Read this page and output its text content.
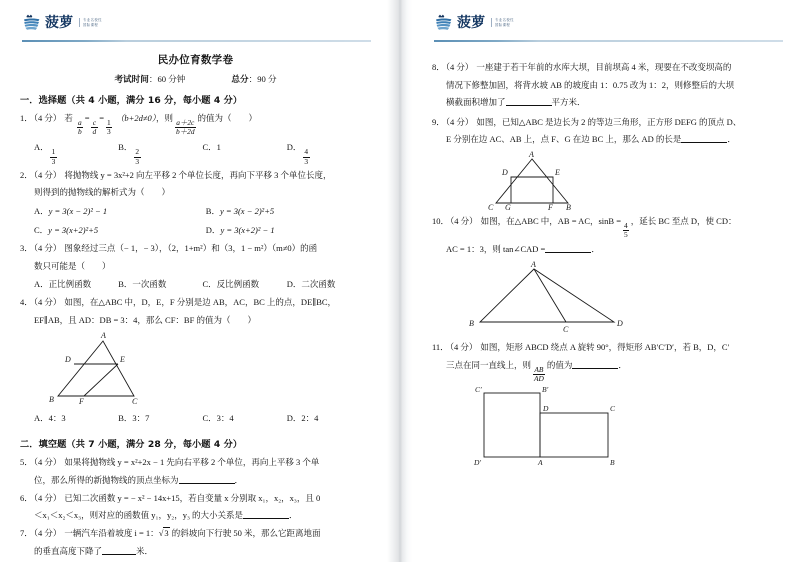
菠萝	专业名校性
国际课程
民办位育数学卷
考试时间：60 分钟	总分：90 分
一．选择题（共 4 小题，满分 16 分，每小题 4 分）
1．（4 分） 若
$\frac{a}{b}$
=
$\frac{c}{d}$
=
$\frac{1}{3}$
（b+2d≠0），则
$\frac{a+2c}{b+2d}$
的值为（　　）
A．
$\frac{1}{3}$
B．
$\frac{2}{3}$
C．1	D．
$\frac{4}{3}$
2．（4 分） 将抛物线 y = 3x²+2 向左平移 2 个单位长度，再向下平移 3 个单位长度，
则得到的抛物线的解析式为（　　）
A．y = 3(x − 2)² − 1	B．y = 3(x − 2)²+5
C．y = 3(x+2)²+5	D．y = 3(x+2)² − 1
3．（4 分） 图象经过三点（− 1，− 3），（2，1+m²）和（3，1 − m²）（m≠0）的函
数只可能是（　　）
A．正比例函数	B．一次函数	C．反比例函数	D．二次函数
4．（4 分） 如图，在△ABC 中，D，E，F 分别是边 AB，AC，BC 上的点，DE∥BC，
EF∥AB，且 AD：DB = 3：4，那么 CF：BF 的值为（　　）
A
D	E
B	F	C
A．4：3	B．3：7	C．3：4	D．2：4
二．填空题（共 7 小题，满分 28 分，每小题 4 分）
5．（4 分） 如果将抛物线 y = x²+2x − 1 先向右平移 2 个单位，再向上平移 3 个单
位，那么所得的新抛物线的顶点坐标为	．
6．（4 分） 已知二次函数 y = − x² − 14x+15，若自变量 x 分别取 x₁，x₂，x₃，且 0
＜x₁＜x₂＜x₃，则对应的函数值 y₁，y₂，y₃ 的大小关系是	．
7．（4 分） 一辆汽车沿着坡度 i = 1：√3 的斜坡向下行驶 50 米，那么它距离地面
的垂直高度下降了	米．
菠萝	专业名校性
国际课程
8．（4 分） 一座建于若干年前的水库大坝，目前坝高 4 米，现要在不改变坝高的
情况下修整加固，将背水坡 AB 的坡度由 1：0.75 改为 1：2，则修整后的大坝
横截面积增加了	平方米．
9．（4 分） 如图，已知△ABC 是边长为 2 的等边三角形，正方形 DEFG 的顶点 D、
E 分别在边 AC、AB 上，点 F、G 在边 BC 上，那么 AD 的长是	．
A
D	E
C G	F B
10．（4 分） 如图，在△ABC 中，AB = AC，sinB =
$\frac{4}{5}$
，延长 BC 至点 D，使 CD：
AC = 1：3，则 tan∠CAD =	．
A
B
C
D
11．（4 分） 如图，矩形 ABCD 绕点 A 旋转 90°，得矩形 AB′C′D′，若 B，D，C′
三点在同一直线上，则
$\frac{AB}{AD}$
的值为	．
C′	B′
D	C
D′	A	B
